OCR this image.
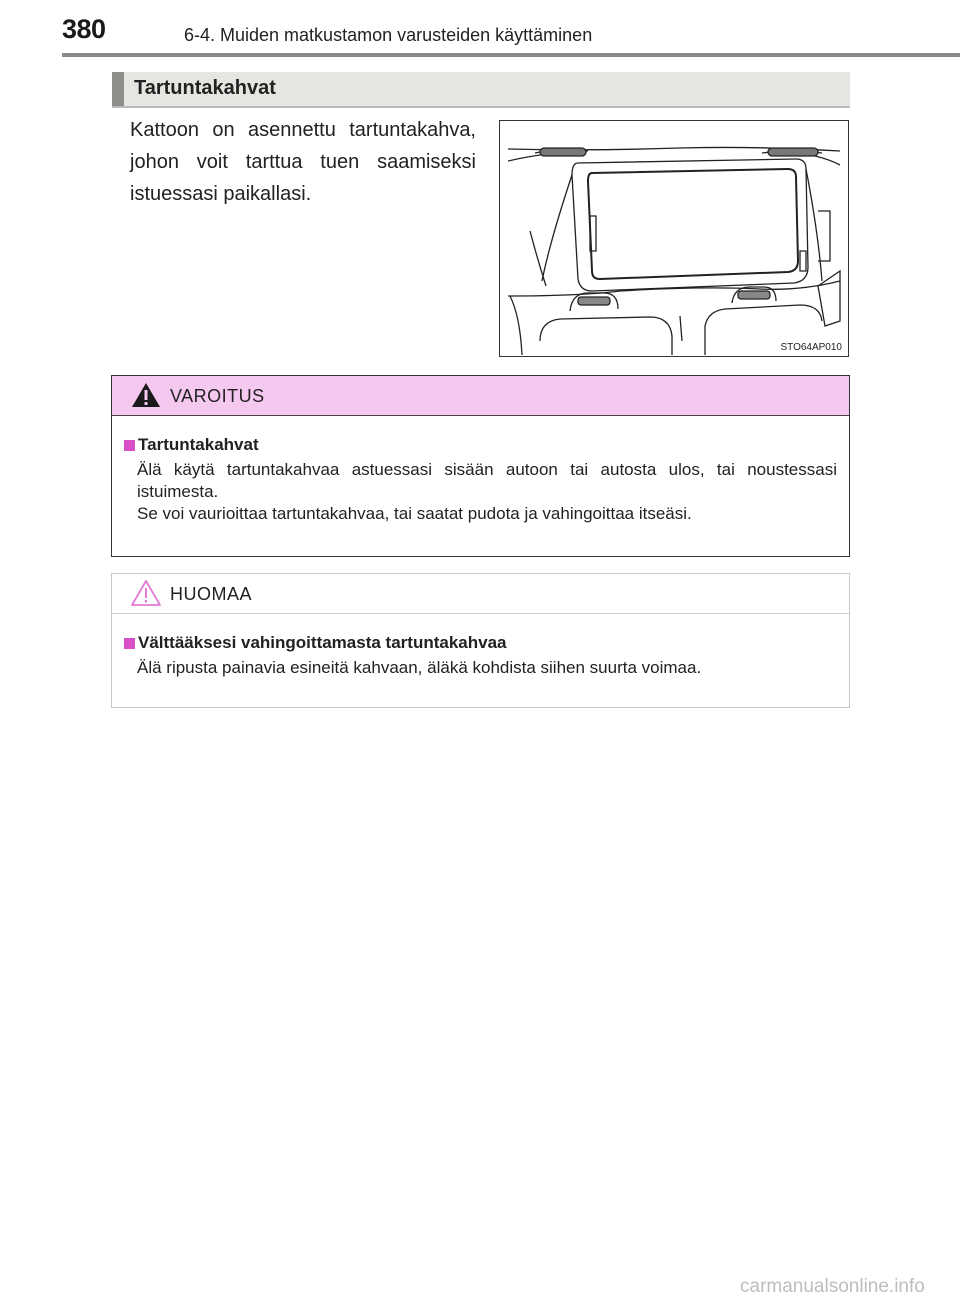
380	6-4. Muiden matkustamon varusteiden käyttäminen
Tartuntakahvat
Kattoon on asennettu tartuntakahva, johon voit tarttua tuen saamiseksi istuessasi paikallasi.
STO64AP010
VAROITUS
Tartuntakahvat

Älä käytä tartuntakahvaa astuessasi sisään autoon tai autosta ulos, tai noustessasi istuimesta.

Se voi vaurioittaa tartuntakahvaa, tai saatat pudota ja vahingoittaa itseäsi.

HUOMAA
Välttääksesi vahingoittamasta tartuntakahvaa

Älä ripusta painavia esineitä kahvaan, äläkä kohdista siihen suurta voimaa.

carmanualsonline.info
